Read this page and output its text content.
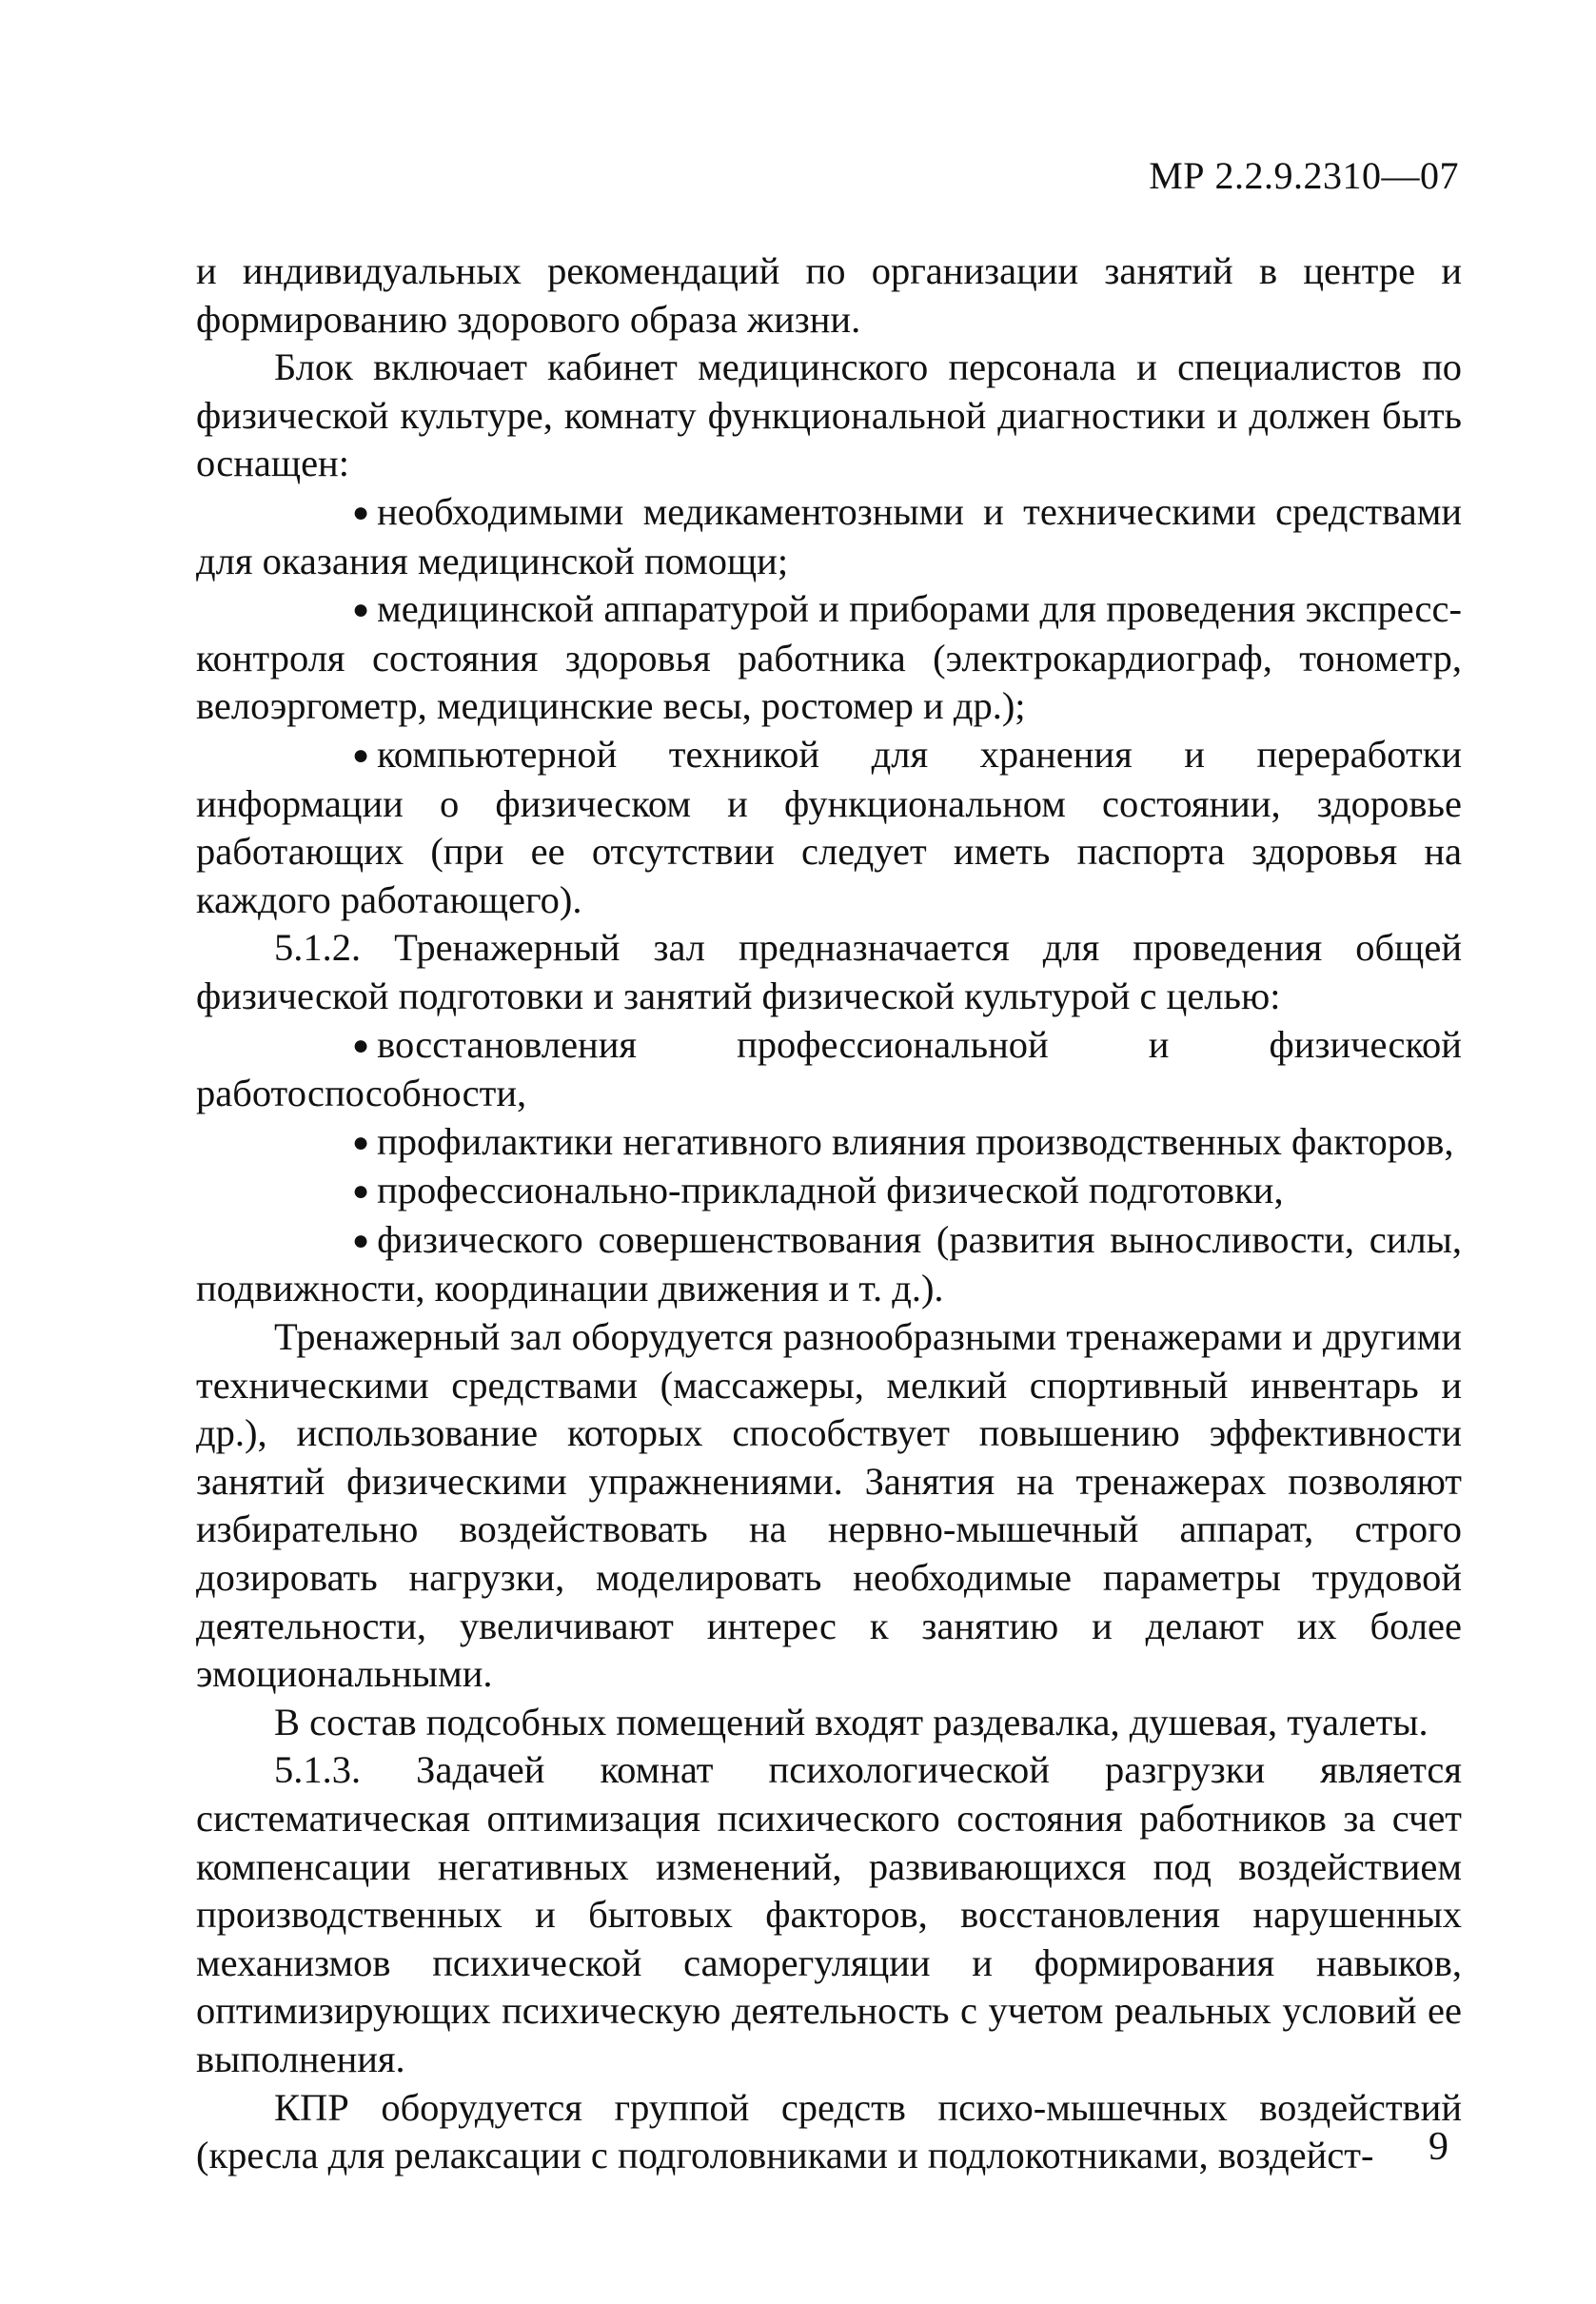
МР 2.2.9.2310—07

и индивидуальных рекомендаций по организации занятий в центре и формированию здорового образа жизни.

Блок включает кабинет медицинского персонала и специалистов по физической культуре, комнату функциональной диагностики и должен быть оснащен:

● необходимыми медикаментозными и техническими средствами для оказания медицинской помощи;

● медицинской аппаратурой и приборами для проведения экспресс-контроля состояния здоровья работника (электрокардиограф, тонометр, велоэргометр, медицинские весы, ростомер и др.);

● компьютерной техникой для хранения и переработки информации о физическом и функциональном состоянии, здоровье работающих (при ее отсутствии следует иметь паспорта здоровья на каждого работающего).

5.1.2. Тренажерный зал предназначается для проведения общей физической подготовки и занятий физической культурой с целью:

● восстановления профессиональной и физической работоспособности,

● профилактики негативного влияния производственных факторов,

● профессионально-прикладной физической подготовки,

● физического совершенствования (развития выносливости, силы, подвижности, координации движения и т. д.).

Тренажерный зал оборудуется разнообразными тренажерами и другими техническими средствами (массажеры, мелкий спортивный инвентарь и др.), использование которых способствует повышению эффективности занятий физическими упражнениями. Занятия на тренажерах позволяют избирательно воздействовать на нервно-мышечный аппарат, строго дозировать нагрузки, моделировать необходимые параметры трудовой деятельности, увеличивают интерес к занятию и делают их более эмоциональными.

В состав подсобных помещений входят раздевалка, душевая, туалеты.

5.1.3. Задачей комнат психологической разгрузки является систематическая оптимизация психического состояния работников за счет компенсации негативных изменений, развивающихся под воздействием производственных и бытовых факторов, восстановления нарушенных механизмов психической саморегуляции и формирования навыков, оптимизирующих психическую деятельность с учетом реальных условий ее выполнения.

КПР оборудуется группой средств психо-мышечных воздействий (кресла для релаксации с подголовниками и подлокотниками, воздейст-	9
